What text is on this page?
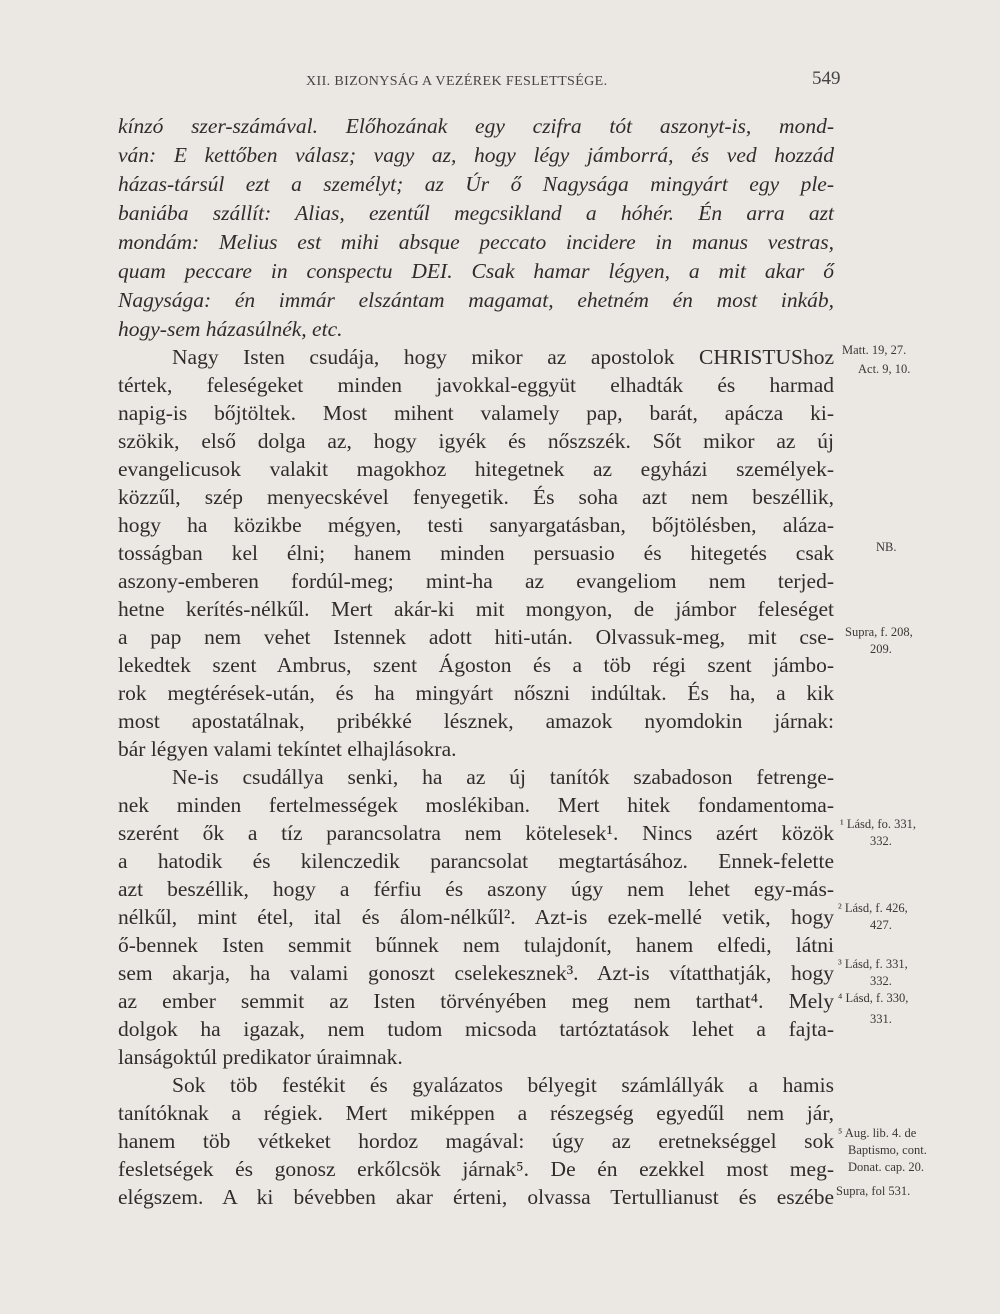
XII. BIZONYSÁG A VEZÉREK FESLETTSÉGE.	549
kínzó szer-számával. Előhozának egy czifra tót aszonyt-is, mond-
ván: E kettőben válasz; vagy az, hogy légy jámborrá, és ved hozzád
házas-társúl ezt a személyt; az Úr ő Nagysága mingyárt egy ple-
baniába szállít: Alias, ezentűl megcsikland a hóhér. Én arra azt
mondám: Melius est mihi absque peccato incidere in manus vestras,
quam peccare in conspectu DEI. Csak hamar légyen, a mit akar ő
Nagysága: én immár elszántam magamat, ehetném én most inkáb,
hogy-sem házasúlnék, etc.
Nagy Isten csudája, hogy mikor az apostolok CHRISTUShoz
tértek, feleségeket minden javokkal-eggyüt elhadták és harmad
napig-is bőjtöltek. Most mihent valamely pap, barát, apácza ki-
szökik, első dolga az, hogy igyék és nőszszék. Sőt mikor az új
evangelicusok valakit magokhoz hitegetnek az egyházi személyek-
közzűl, szép menyecskével fenyegetik. És soha azt nem beszéllik,
hogy ha közikbe mégyen, testi sanyargatásban, bőjtölésben, aláza-
tosságban kel élni; hanem minden persuasio és hitegetés csak
aszony-emberen fordúl-meg; mint-ha az evangeliom nem terjed-
hetne kerítés-nélkűl. Mert akár-ki mit mongyon, de jámbor feleséget
a pap nem vehet Istennek adott hiti-után. Olvassuk-meg, mit cse-
lekedtek szent Ambrus, szent Ágoston és a töb régi szent jámbo-
rok megtérések-után, és ha mingyárt nőszni indúltak. És ha, a kik
most apostatálnak, pribékké lésznek, amazok nyomdokin járnak:
bár légyen valami tekíntet elhajlásokra.
Ne-is csudállya senki, ha az új tanítók szabadoson fetrenge-
nek minden fertelmességek moslékiban. Mert hitek fondamentoma-
szerént ők a tíz parancsolatra nem kötelesek¹. Nincs azért közök
a hatodik és kilenczedik parancsolat megtartásához. Ennek-felette
azt beszéllik, hogy a férfiu és aszony úgy nem lehet egy-más-
nélkűl, mint étel, ital és álom-nélkűl². Azt-is ezek-mellé vetik, hogy
ő-bennek Isten semmit bűnnek nem tulajdonít, hanem elfedi, látni
sem akarja, ha valami gonoszt cselekesznek³. Azt-is vítatthatják, hogy
az ember semmit az Isten törvényében meg nem tarthat⁴. Mely
dolgok ha igazak, nem tudom micsoda tartóztatások lehet a fajta-
lanságoktúl predikator úraimnak.
Sok töb festékit és gyalázatos bélyegit számlállyák a hamis
tanítóknak a régiek. Mert miképpen a részegség egyedűl nem jár,
hanem töb vétkeket hordoz magával: úgy az eretnekséggel sok
fesletségek és gonosz erkőlcsök járnak⁵. De én ezekkel most meg-
elégszem. A ki bévebben akar érteni, olvassa Tertullianust és eszébe
Matt. 19, 27.
Act. 9, 10.
NB.
Supra, f. 208,
209.
¹ Lásd, fo. 331,
332.
² Lásd, f. 426,
427.
³ Lásd, f. 331,
332.
⁴ Lásd, f. 330,
331.
⁵ Aug. lib. 4. de
Baptismo, cont.
Donat. cap. 20.
Supra, fol 531.
